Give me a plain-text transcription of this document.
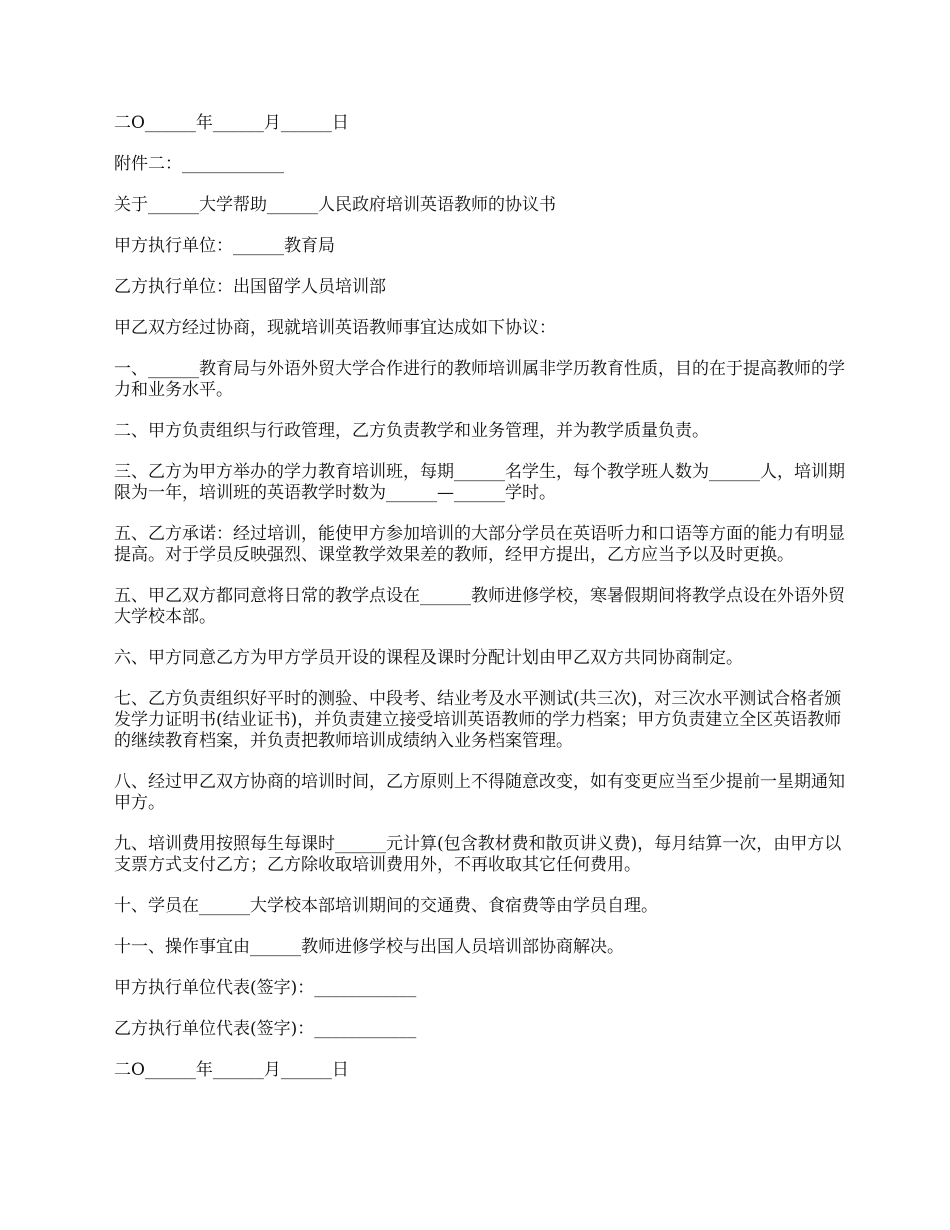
二O______年______月______日

附件二：____________

关于______大学帮助______人民政府培训英语教师的协议书

甲方执行单位：______教育局

乙方执行单位：出国留学人员培训部

甲乙双方经过协商，现就培训英语教师事宜达成如下协议：

一、______教育局与外语外贸大学合作进行的教师培训属非学历教育性质，目的在于提高教师的学力和业务水平。

二、甲方负责组织与行政管理，乙方负责教学和业务管理，并为教学质量负责。

三、乙方为甲方举办的学力教育培训班，每期______名学生，每个教学班人数为______人，培训期限为一年，培训班的英语教学时数为______—______学时。

五、乙方承诺：经过培训，能使甲方参加培训的大部分学员在英语听力和口语等方面的能力有明显提高。对于学员反映强烈、课堂教学效果差的教师，经甲方提出，乙方应当予以及时更换。

五、甲乙双方都同意将日常的教学点设在______教师进修学校，寒暑假期间将教学点设在外语外贸大学校本部。

六、甲方同意乙方为甲方学员开设的课程及课时分配计划由甲乙双方共同协商制定。

七、乙方负责组织好平时的测验、中段考、结业考及水平测试(共三次)，对三次水平测试合格者颁发学力证明书(结业证书)，并负责建立接受培训英语教师的学力档案；甲方负责建立全区英语教师的继续教育档案，并负责把教师培训成绩纳入业务档案管理。

八、经过甲乙双方协商的培训时间，乙方原则上不得随意改变，如有变更应当至少提前一星期通知甲方。

九、培训费用按照每生每课时______元计算(包含教材费和散页讲义费)，每月结算一次，由甲方以支票方式支付乙方；乙方除收取培训费用外，不再收取其它任何费用。

十、学员在______大学校本部培训期间的交通费、食宿费等由学员自理。

十一、操作事宜由______教师进修学校与出国人员培训部协商解决。

甲方执行单位代表(签字)：____________

乙方执行单位代表(签字)：____________

二O______年______月______日
